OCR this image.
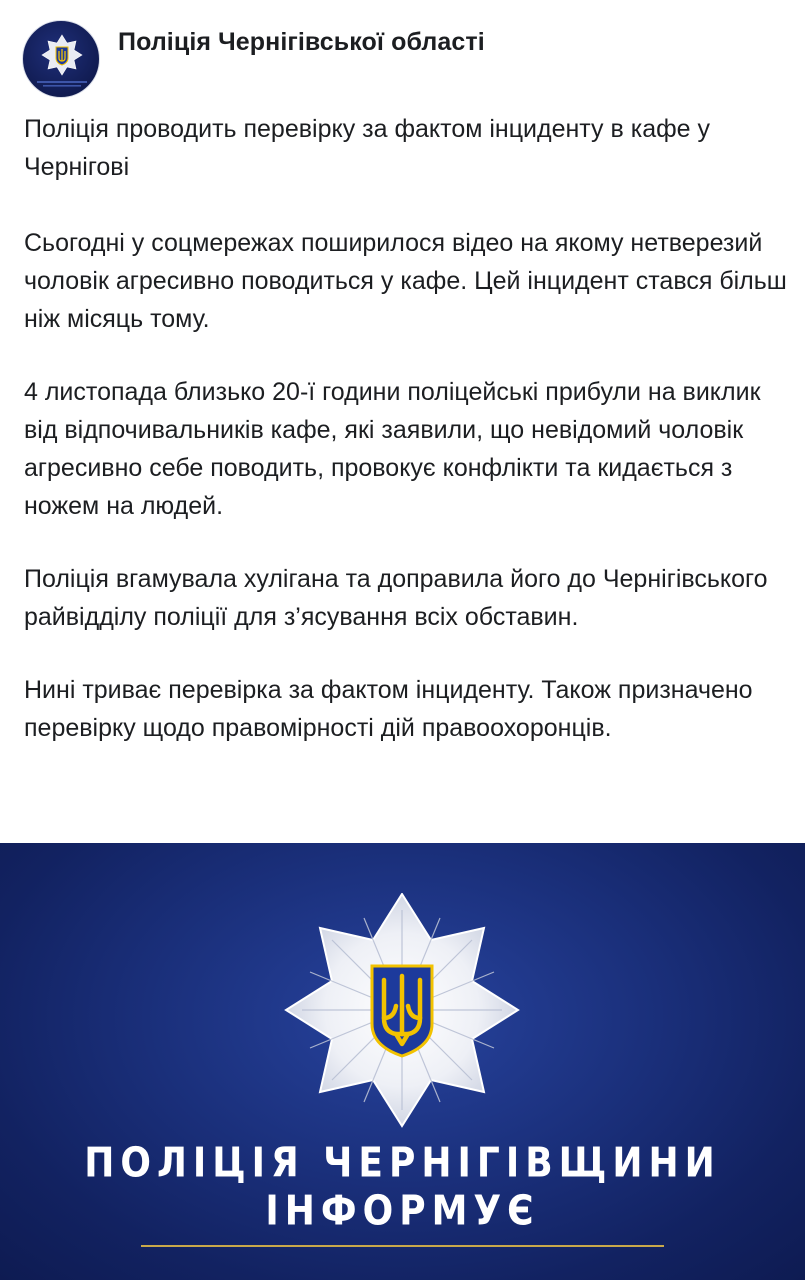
Поліція Чернігівської області

Поліція проводить перевірку за фактом інциденту в кафе у Чернігові

Сьогодні у соцмережах поширилося відео на якому нетверезий чоловік агресивно поводиться у кафе. Цей інцидент стався більш ніж місяць тому.

4 листопада близько 20-ї години поліцейські прибули на виклик від відпочивальників кафе, які заявили, що невідомий чоловік агресивно себе поводить, провокує конфлікти та кидається з ножем на людей.

Поліція вгамувала хулігана та доправила його до Чернігівського райвідділу поліції для з’ясування всіх обставин.

Нині триває перевірка за фактом інциденту. Також призначено перевірку щодо правомірності дій правоохоронців.

ПОЛІЦІЯ ЧЕРНІГІВЩИНИ
ІНФОРМУЄ
